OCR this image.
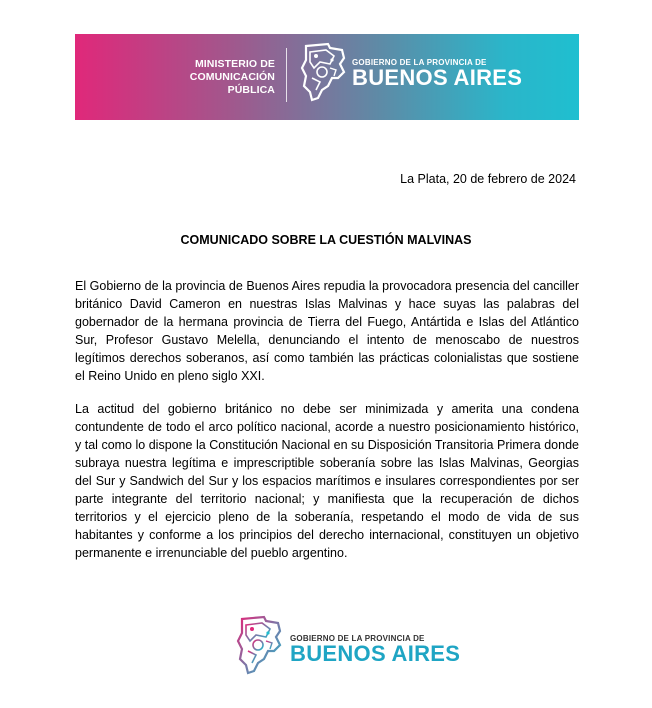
MINISTERIO DE
COMUNICACIÓN PÚBLICA
GOBIERNO DE LA PROVINCIA DE
BUENOS AIRES
La Plata, 20 de febrero de 2024
COMUNICADO SOBRE LA CUESTIÓN MALVINAS

El Gobierno de la provincia de Buenos Aires repudia la provocadora presencia del canciller británico David Cameron en nuestras Islas Malvinas y hace suyas las palabras del gobernador de la hermana provincia de Tierra del Fuego, Antártida e Islas del Atlántico Sur, Profesor Gustavo Melella, denunciando el intento de menoscabo de nuestros legítimos derechos soberanos, así como también las prácticas colonialistas que sostiene el Reino Unido en pleno siglo XXI.

La actitud del gobierno británico no debe ser minimizada y amerita una condena contundente de todo el arco político nacional, acorde a nuestro posicionamiento histórico, y tal como lo dispone la Constitución Nacional en su Disposición Transitoria Primera donde subraya nuestra legítima e imprescriptible soberanía sobre las Islas Malvinas, Georgias del Sur y Sandwich del Sur y los espacios marítimos e insulares correspondientes por ser parte integrante del territorio nacional; y manifiesta que la recuperación de dichos territorios y el ejercicio pleno de la soberanía, respetando el modo de vida de sus habitantes y conforme a los principios del derecho internacional, constituyen un objetivo permanente e irrenunciable del pueblo argentino.

GOBIERNO DE LA PROVINCIA DE
BUENOS AIRES
